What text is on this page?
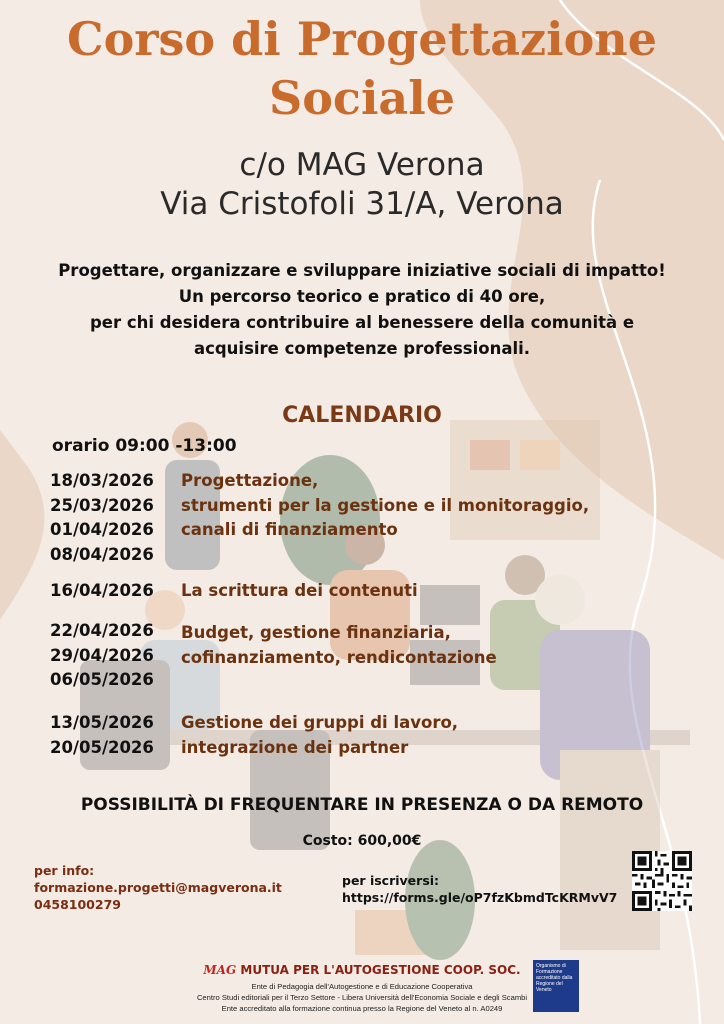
Corso di Progettazione
Sociale
c/o MAG Verona
Via Cristofoli 31/A, Verona
Progettare, organizzare e sviluppare iniziative sociali di impatto!
Un percorso teorico e pratico di 40 ore,
per chi desidera contribuire al benessere della comunità e
acquisire competenze professionali.
CALENDARIO
orario 09:00 -13:00
18/03/2026
25/03/2026
01/04/2026
08/04/2026
Progettazione,
strumenti per la gestione e il monitoraggio,
canali di finanziamento
16/04/2026 La scrittura dei contenuti
22/04/2026
29/04/2026
06/05/2026
Budget, gestione finanziaria,
cofinanziamento, rendicontazione
13/05/2026
20/05/2026
Gestione dei gruppi di lavoro,
integrazione dei partner
POSSIBILITÀ DI FREQUENTARE IN PRESENZA O DA REMOTO
Costo: 600,00€
per info:
formazione.progetti@magverona.it
0458100279
per iscriversi:
https://forms.gle/oP7fzKbmdTcKRMvV7
MAG MUTUA PER L'AUTOGESTIONE COOP. SOC.
Ente di Pedagogia dell'Autogestione e di Educazione Cooperativa
Centro Studi editoriali per il Terzo Settore - Libera Università dell'Economia Sociale e degli Scambi
Ente accreditato alla formazione continua presso la Regione del Veneto al n. A0249
Organismo di Formazione accreditato dalla Regione del Veneto
